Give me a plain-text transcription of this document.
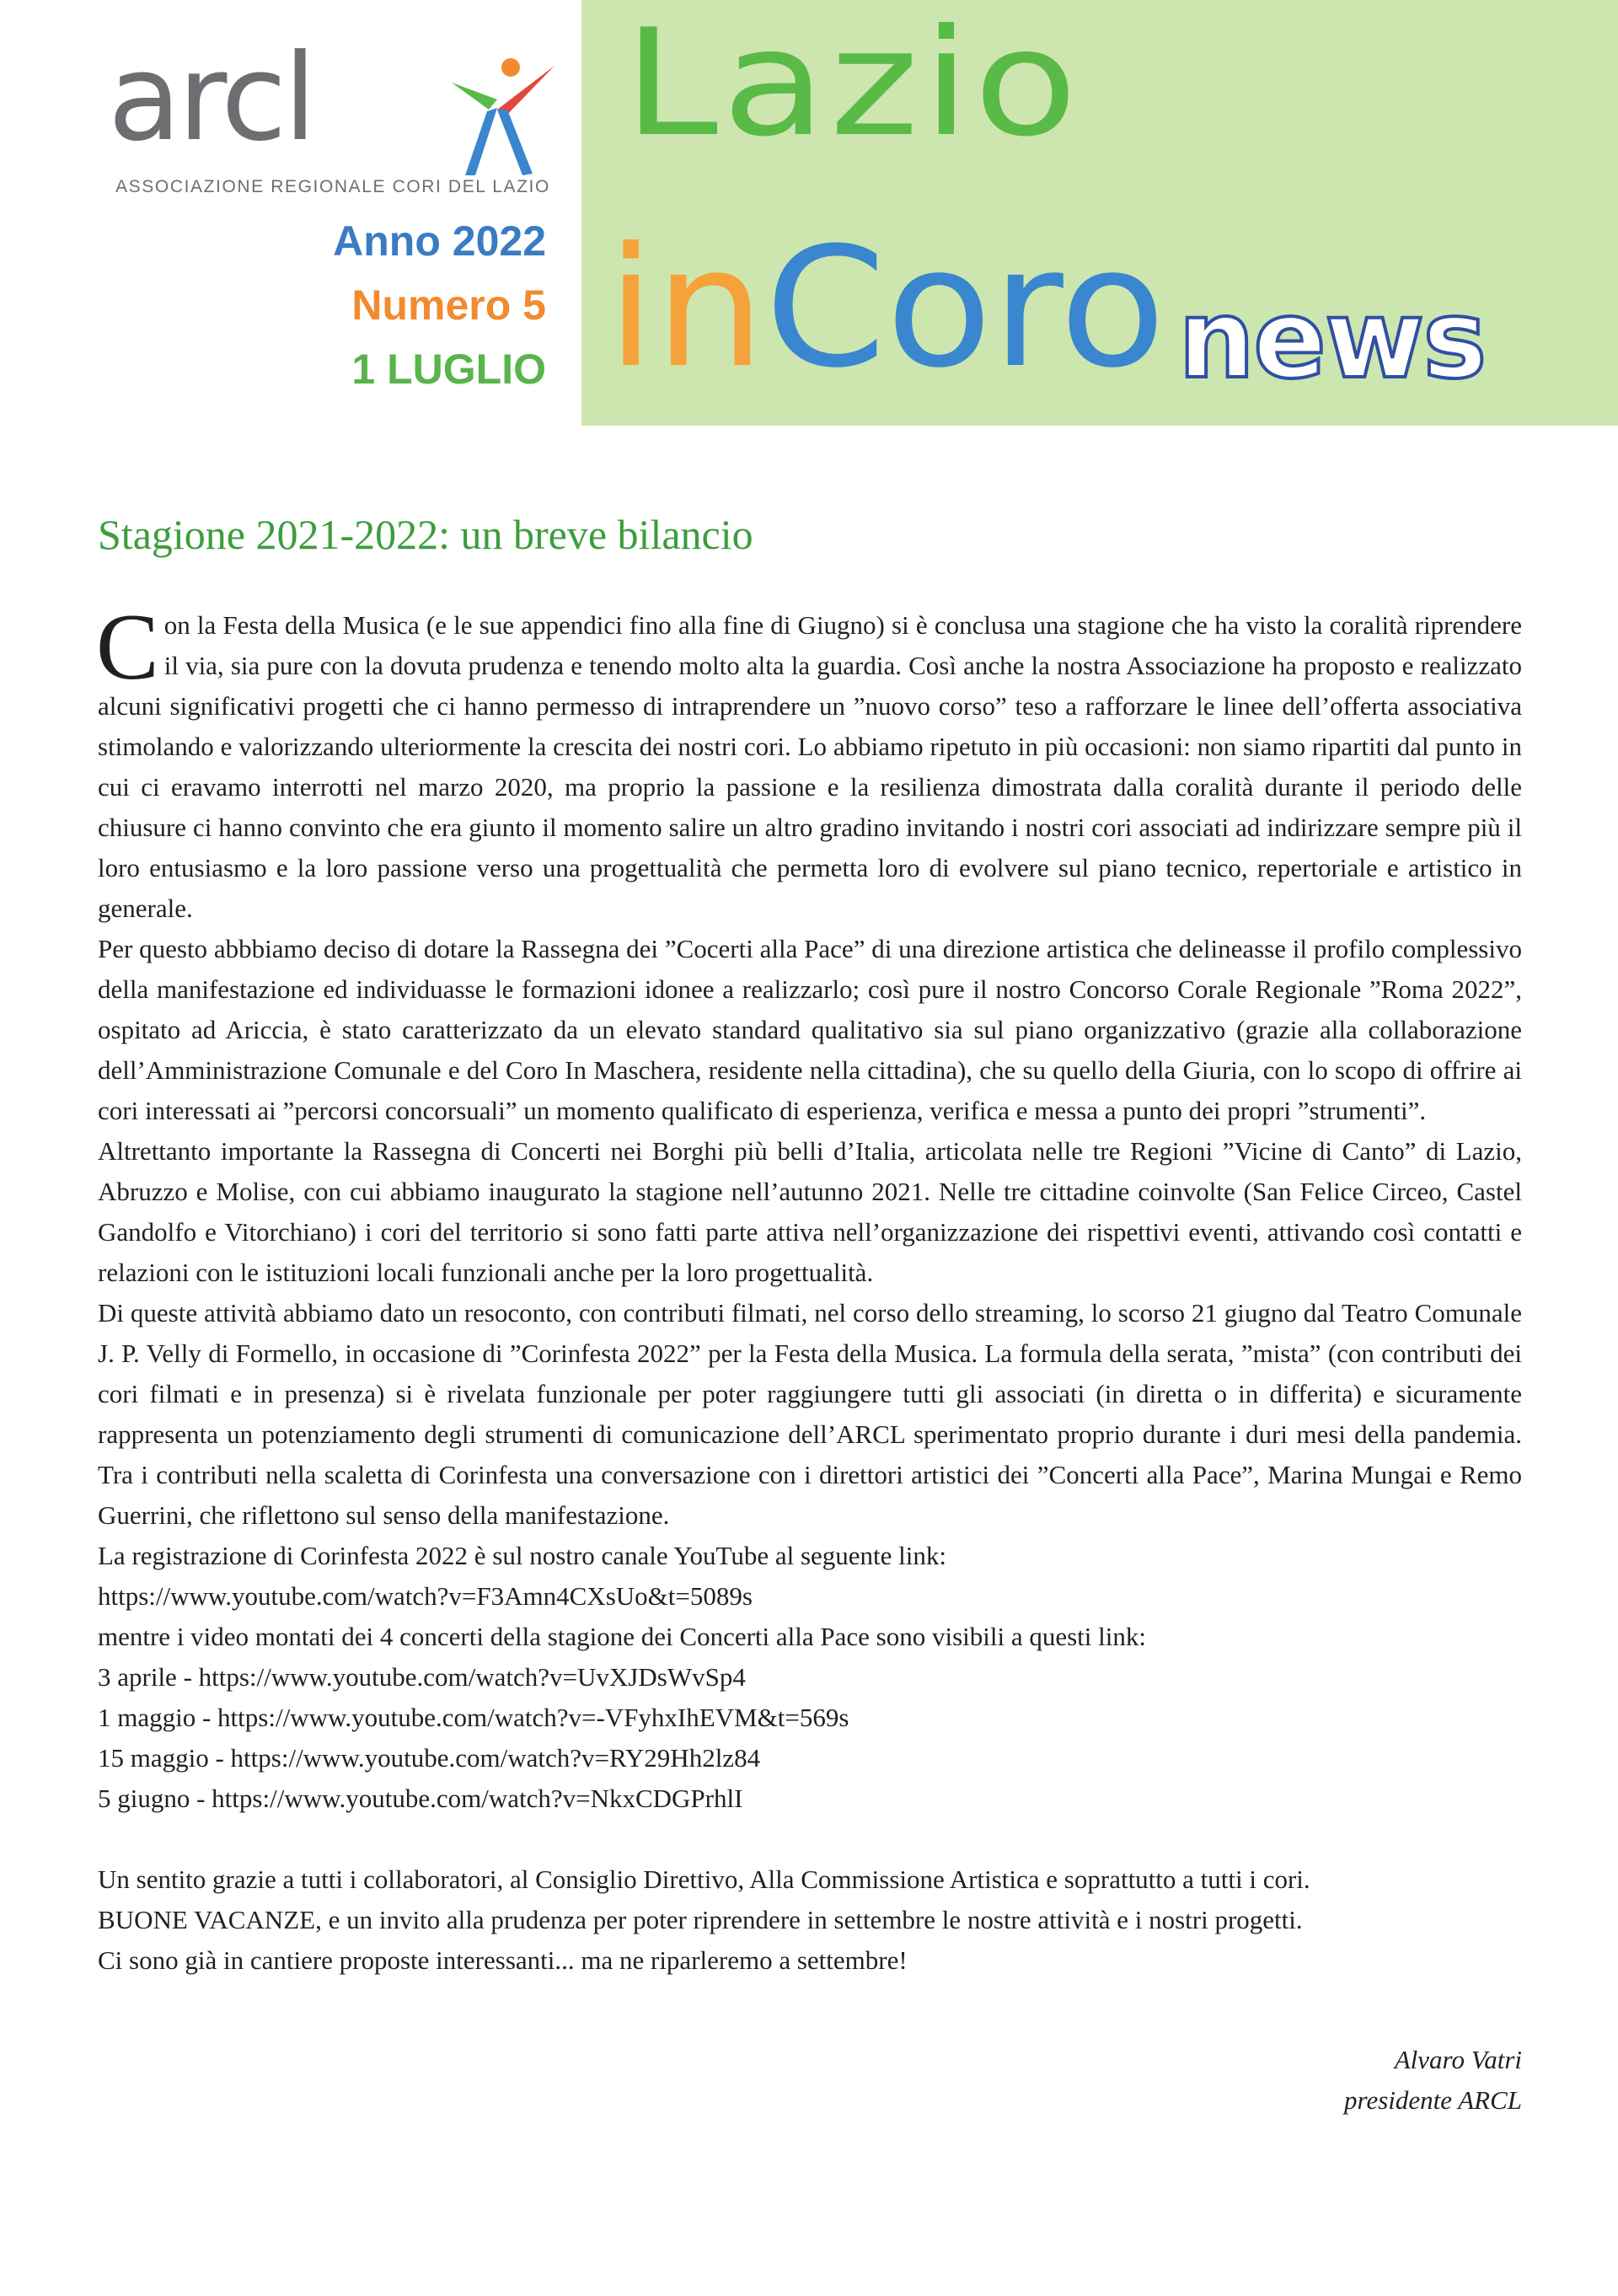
arcl
ASSOCIAZIONE REGIONALE CORI DEL LAZIO
Anno 2022
Numero 5
1 LUGLIO
Lazio
inCoro news
Stagione 2021-2022: un breve bilancio

Con la Festa della Musica (e le sue appendici fino alla fine di Giugno) si è conclusa una stagione che ha visto la coralità riprendere il via, sia pure con la dovuta prudenza e tenendo molto alta la guardia. Così anche la nostra Associazione ha proposto e realizzato alcuni significativi progetti che ci hanno permesso di intraprendere un ”nuovo corso” teso a rafforzare le linee dell’offerta associativa stimolando e valorizzando ulteriormente la crescita dei nostri cori. Lo abbiamo ripetuto in più occasioni: non siamo ripartiti dal punto in cui ci eravamo interrotti nel marzo 2020, ma proprio la passione e la resilienza dimostrata dalla coralità durante il periodo delle chiusure ci hanno convinto che era giunto il momento salire un altro gradino invitando i nostri cori associati ad indirizzare sempre più il loro entusiasmo e la loro passione verso una progettualità che permetta loro di evolvere sul piano tecnico, repertoriale e artistico in generale.

Per questo abbbiamo deciso di dotare la Rassegna dei ”Cocerti alla Pace” di una direzione artistica che delineasse il profilo complessivo della manifestazione ed individuasse le formazioni idonee a realizzarlo; così pure il nostro Concorso Corale Regionale ”Roma 2022”, ospitato ad Ariccia, è stato caratterizzato da un elevato standard qualitativo sia sul piano organizzativo (grazie alla collaborazione dell’Amministrazione Comunale e del Coro In Maschera, residente nella cittadina), che su quello della Giuria, con lo scopo di offrire ai cori interessati ai ”percorsi concorsuali” un momento qualificato di esperienza, verifica e messa a punto dei propri ”strumenti”.

Altrettanto importante la Rassegna di Concerti nei Borghi più belli d’Italia, articolata nelle tre Regioni ”Vicine di Canto” di Lazio, Abruzzo e Molise, con cui abbiamo inaugurato la stagione nell’autunno 2021. Nelle tre cittadine coinvolte (San Felice Circeo, Castel Gandolfo e Vitorchiano) i cori del territorio si sono fatti parte attiva nell’organizzazione dei rispettivi eventi, attivando così contatti e relazioni con le istituzioni locali funzionali anche per la loro progettualità.

Di queste attività abbiamo dato un resoconto, con contributi filmati, nel corso dello streaming, lo scorso 21 giugno dal Teatro Comunale J. P. Velly di Formello, in occasione di ”Corinfesta 2022” per la Festa della Musica. La formula della serata, ”mista” (con contributi dei cori filmati e in presenza) si è rivelata funzionale per poter raggiungere tutti gli associati (in diretta o in differita) e sicuramente rappresenta un potenziamento degli strumenti di comunicazione dell’ARCL sperimentato proprio durante i duri mesi della pandemia. Tra i contributi nella scaletta di Corinfesta una conversazione con i direttori artistici dei ”Concerti alla Pace”, Marina Mungai e Remo Guerrini, che riflettono sul senso della manifestazione.

La registrazione di Corinfesta 2022 è sul nostro canale YouTube al seguente link:

https://www.youtube.com/watch?v=F3Amn4CXsUo&t=5089s

mentre i video montati dei 4 concerti della stagione dei Concerti alla Pace sono visibili a questi link:

3 aprile - https://www.youtube.com/watch?v=UvXJDsWvSp4

1 maggio - https://www.youtube.com/watch?v=-VFyhxIhEVM&t=569s

15 maggio - https://www.youtube.com/watch?v=RY29Hh2lz84

5 giugno - https://www.youtube.com/watch?v=NkxCDGPrhlI

Un sentito grazie a tutti i collaboratori, al Consiglio Direttivo, Alla Commissione Artistica e soprattutto a tutti i cori.

BUONE VACANZE, e un invito alla prudenza per poter riprendere in settembre le nostre attività e i nostri progetti.

Ci sono già in cantiere proposte interessanti... ma ne riparleremo a settembre!

Alvaro Vatri
presidente ARCL
